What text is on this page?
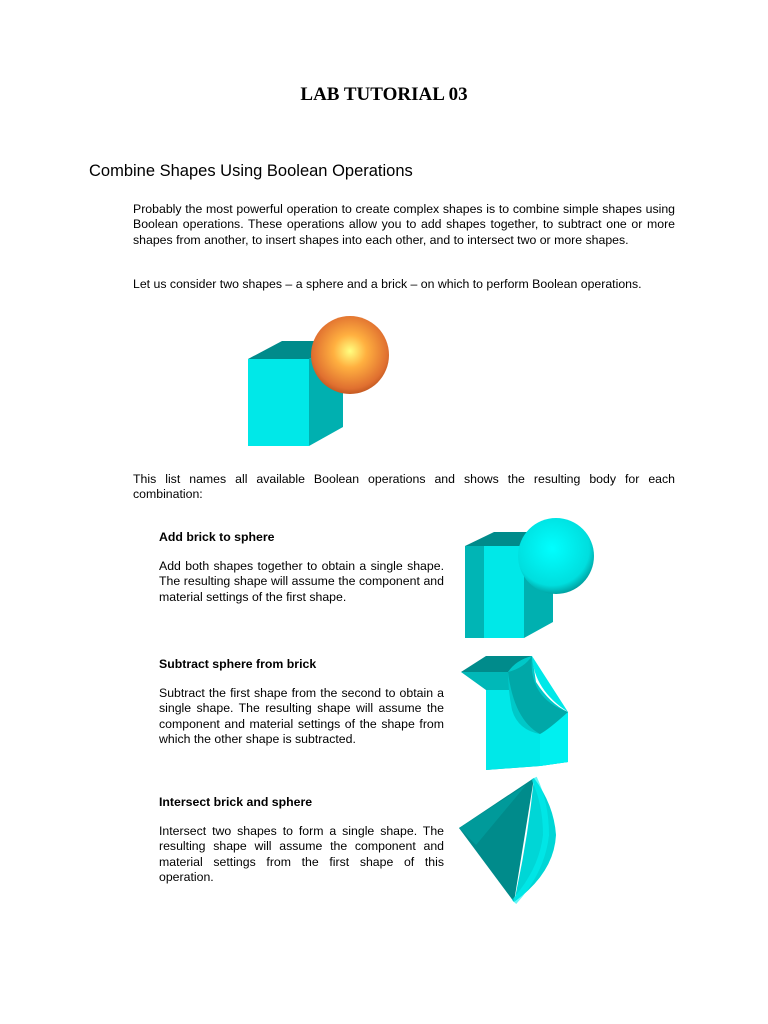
LAB TUTORIAL 03
Combine Shapes Using Boolean Operations

Probably the most powerful operation to create complex shapes is to combine simple shapes using Boolean operations. These operations allow you to add shapes together, to subtract one or more shapes from another, to insert shapes into each other, and to intersect two or more shapes.

Let us consider two shapes – a sphere and a brick – on which to perform Boolean operations.

This list names all available Boolean operations and shows the resulting body for each combination:

Add brick to sphere

Add both shapes together to obtain a single shape. The resulting shape will assume the component and material settings of the first shape.

Subtract sphere from brick

Subtract the first shape from the second to obtain a single shape. The resulting shape will assume the component and material settings of the shape from which the other shape is subtracted.

Intersect brick and sphere

Intersect two shapes to form a single shape. The resulting shape will assume the component and material settings from the first shape of this operation.
